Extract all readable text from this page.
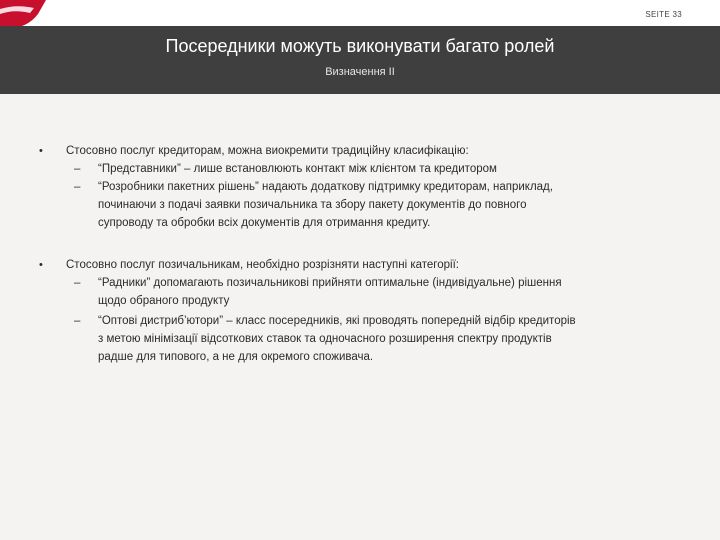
SEITE 33
Посередники можуть виконувати багато ролей
Визначення II
• Стосовно послуг кредиторам, можна виокремити традиційну класифікацію:
– “Представники” – лише встановлюють контакт між клієнтом та кредитором
– “Розробники пакетних рішень” надають додаткову підтримку кредиторам, наприклад,
починаючи з подачі заявки позичальника та збору пакету документів до повного
супроводу та обробки всіх документів для отримання кредиту.
• Стосовно послуг позичальникам, необхідно розрізняти наступні категорії:
– “Радники” допомагають позичальникові прийняти оптимальне (індивідуальне) рішення
щодо обраного продукту
– “Оптові дистриб’ютори” – класс посередників, які проводять попередній відбір кредиторів
з метою мінімізації відсоткових ставок та одночасного розширення спектру продуктів
радше для типового, а не для окремого споживача.
